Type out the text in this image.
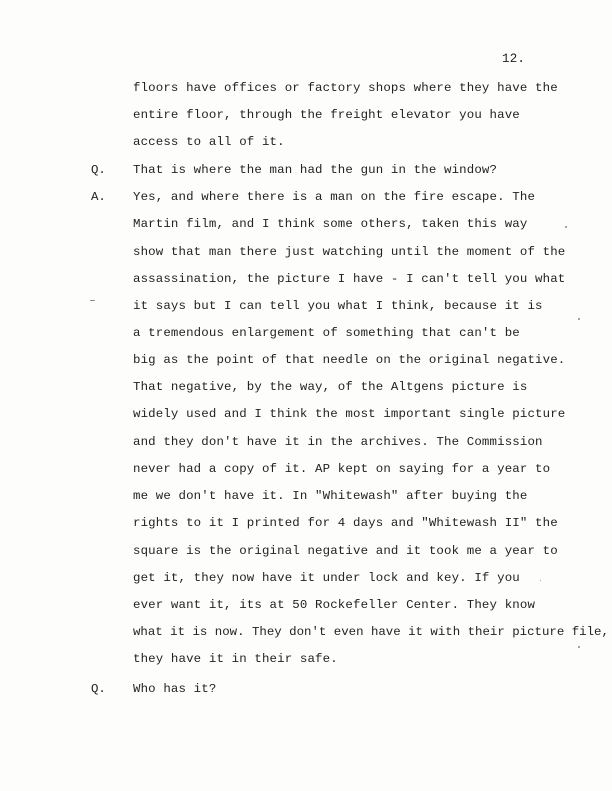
12.
floors have offices or factory shops where they have the
entire floor, through the freight elevator you have
access to all of it.
Q. That is where the man had the gun in the window?
A. Yes, and where there is a man on the fire escape. The
Martin film, and I think some others, taken this way
show that man there just watching until the moment of the
assassination, the picture I have - I can't tell you what
it says but I can tell you what I think, because it is
a tremendous enlargement of something that can't be
big as the point of that needle on the original negative.
That negative, by the way, of the Altgens picture is
widely used and I think the most important single picture
and they don't have it in the archives. The Commission
never had a copy of it. AP kept on saying for a year to
me we don't have it. In "Whitewash" after buying the
rights to it I printed for 4 days and "Whitewash II" the
square is the original negative and it took me a year to
get it, they now have it under lock and key. If you
ever want it, its at 50 Rockefeller Center. They know
what it is now. They don't even have it with their picture file,
they have it in their safe.
Q. Who has it?
